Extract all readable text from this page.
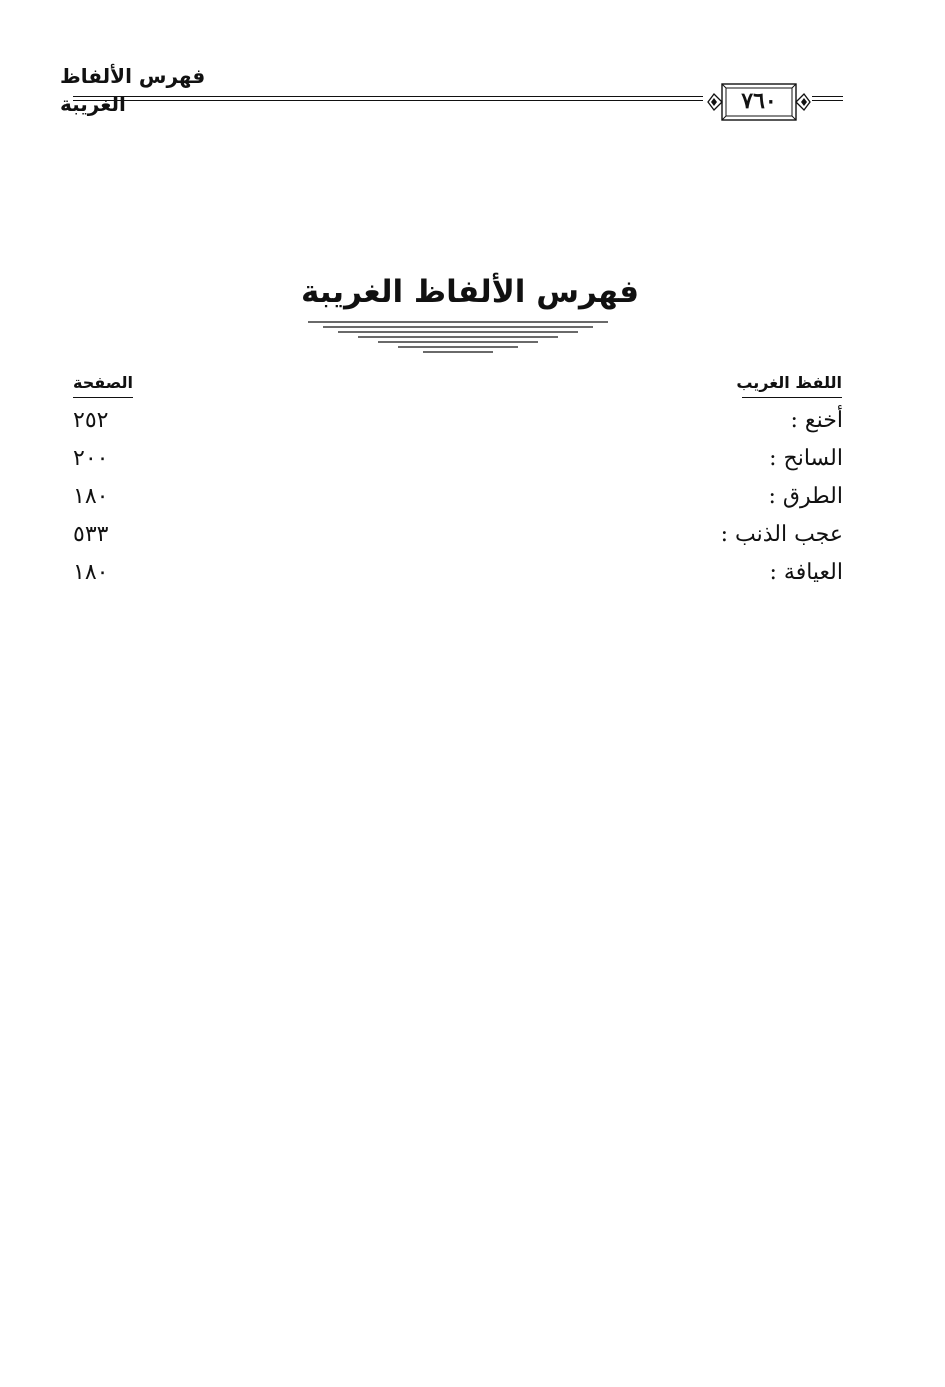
فهرس الألفاظ الغريبة	٧٦٠
فهرس الألفاظ الغريبة
اللفظ الغريب
الصفحة
أخنع :
٢٥٢
السانح :
٢٠٠
الطرق :
١٨٠
عجب الذنب :
٥٣٣
العيافة :
١٨٠
